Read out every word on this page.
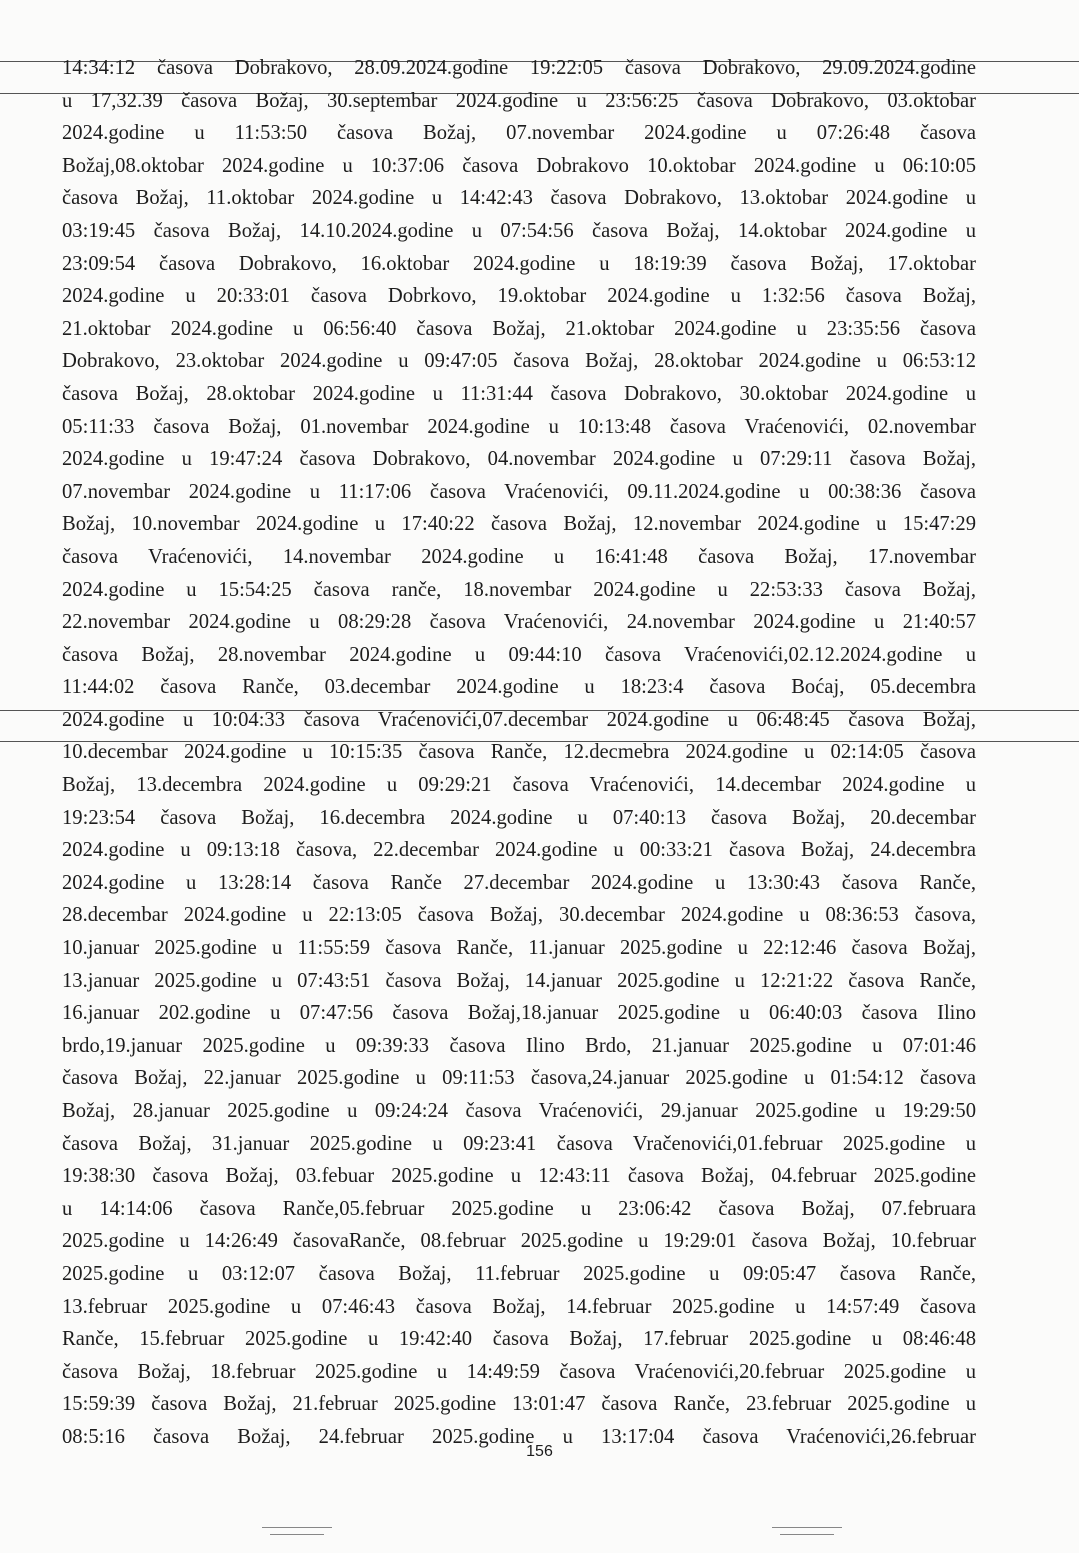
14:34:12 časova Dobrakovo, 28.09.2024.godine 19:22:05 časova Dobrakovo, 29.09.2024.godine
u 17,32.39 časova Božaj, 30.septembar 2024.godine u 23:56:25 časova Dobrakovo, 03.oktobar
2024.godine u 11:53:50 časova Božaj, 07.novembar 2024.godine u 07:26:48 časova
Božaj,08.oktobar 2024.godine u 10:37:06 časova Dobrakovo 10.oktobar 2024.godine u 06:10:05
časova Božaj, 11.oktobar 2024.godine u 14:42:43 časova Dobrakovo, 13.oktobar 2024.godine u
03:19:45 časova Božaj, 14.10.2024.godine u 07:54:56 časova Božaj, 14.oktobar 2024.godine u
23:09:54 časova Dobrakovo, 16.oktobar 2024.godine u 18:19:39 časova Božaj, 17.oktobar
2024.godine u 20:33:01 časova Dobrkovo, 19.oktobar 2024.godine u 1:32:56 časova Božaj,
21.oktobar 2024.godine u 06:56:40 časova Božaj, 21.oktobar 2024.godine u 23:35:56 časova
Dobrakovo, 23.oktobar 2024.godine u 09:47:05 časova Božaj, 28.oktobar 2024.godine u 06:53:12
časova Božaj, 28.oktobar 2024.godine u 11:31:44 časova Dobrakovo, 30.oktobar 2024.godine u
05:11:33 časova Božaj, 01.novembar 2024.godine u 10:13:48 časova Vraćenovići, 02.novembar
2024.godine u 19:47:24 časova Dobrakovo, 04.novembar 2024.godine u 07:29:11 časova Božaj,
07.novembar 2024.godine u 11:17:06 časova Vraćenovići, 09.11.2024.godine u 00:38:36 časova
Božaj, 10.novembar 2024.godine u 17:40:22 časova Božaj, 12.novembar 2024.godine u 15:47:29
časova Vraćenovići, 14.novembar 2024.godine u 16:41:48 časova Božaj, 17.novembar
2024.godine u 15:54:25 časova ranče, 18.novembar 2024.godine u 22:53:33 časova Božaj,
22.novembar 2024.godine u 08:29:28 časova Vraćenovići, 24.novembar 2024.godine u 21:40:57
časova Božaj, 28.novembar 2024.godine u 09:44:10 časova Vraćenovići,02.12.2024.godine u
11:44:02 časova Ranče, 03.decembar 2024.godine u 18:23:4 časova Boćaj, 05.decembra
2024.godine u 10:04:33 časova Vraćenovići,07.decembar 2024.godine u 06:48:45 časova Božaj,
10.decembar 2024.godine u 10:15:35 časova Ranče, 12.decmebra 2024.godine u 02:14:05 časova
Božaj, 13.decembra 2024.godine u 09:29:21 časova Vraćenovići, 14.decembar 2024.godine u
19:23:54 časova Božaj, 16.decembra 2024.godine u 07:40:13 časova Božaj, 20.decembar
2024.godine u 09:13:18 časova, 22.decembar 2024.godine u 00:33:21 časova Božaj, 24.decembra
2024.godine u 13:28:14 časova Ranče 27.decembar 2024.godine u 13:30:43 časova Ranče,
28.decembar 2024.godine u 22:13:05 časova Božaj, 30.decembar 2024.godine u 08:36:53 časova,
10.januar 2025.godine u 11:55:59 časova Ranče, 11.januar 2025.godine u 22:12:46 časova Božaj,
13.januar 2025.godine u 07:43:51 časova Božaj, 14.januar 2025.godine u 12:21:22 časova Ranče,
16.januar 202.godine u 07:47:56 časova Božaj,18.januar 2025.godine u 06:40:03 časova Ilino
brdo,19.januar 2025.godine u 09:39:33 časova Ilino Brdo, 21.januar 2025.godine u 07:01:46
časova Božaj, 22.januar 2025.godine u 09:11:53 časova,24.januar 2025.godine u 01:54:12 časova
Božaj, 28.januar 2025.godine u 09:24:24 časova Vraćenovići, 29.januar 2025.godine u 19:29:50
časova Božaj, 31.januar 2025.godine u 09:23:41 časova Vračenovići,01.februar 2025.godine u
19:38:30 časova Božaj, 03.febuar 2025.godine u 12:43:11 časova Božaj, 04.februar 2025.godine
u 14:14:06 časova Ranče,05.februar 2025.godine u 23:06:42 časova Božaj, 07.februara
2025.godine u 14:26:49 časovaRanče, 08.februar 2025.godine u 19:29:01 časova Božaj, 10.februar
2025.godine u 03:12:07 časova Božaj, 11.februar 2025.godine u 09:05:47 časova Ranče,
13.februar 2025.godine u 07:46:43 časova Božaj, 14.februar 2025.godine u 14:57:49 časova
Ranče, 15.februar 2025.godine u 19:42:40 časova Božaj, 17.februar 2025.godine u 08:46:48
časova Božaj, 18.februar 2025.godine u 14:49:59 časova Vraćenovići,20.februar 2025.godine u
15:59:39 časova Božaj, 21.februar 2025.godine 13:01:47 časova Ranče, 23.februar 2025.godine u
08:5:16 časova Božaj, 24.februar 2025.godine u 13:17:04 časova Vraćenovići,26.februar
156
